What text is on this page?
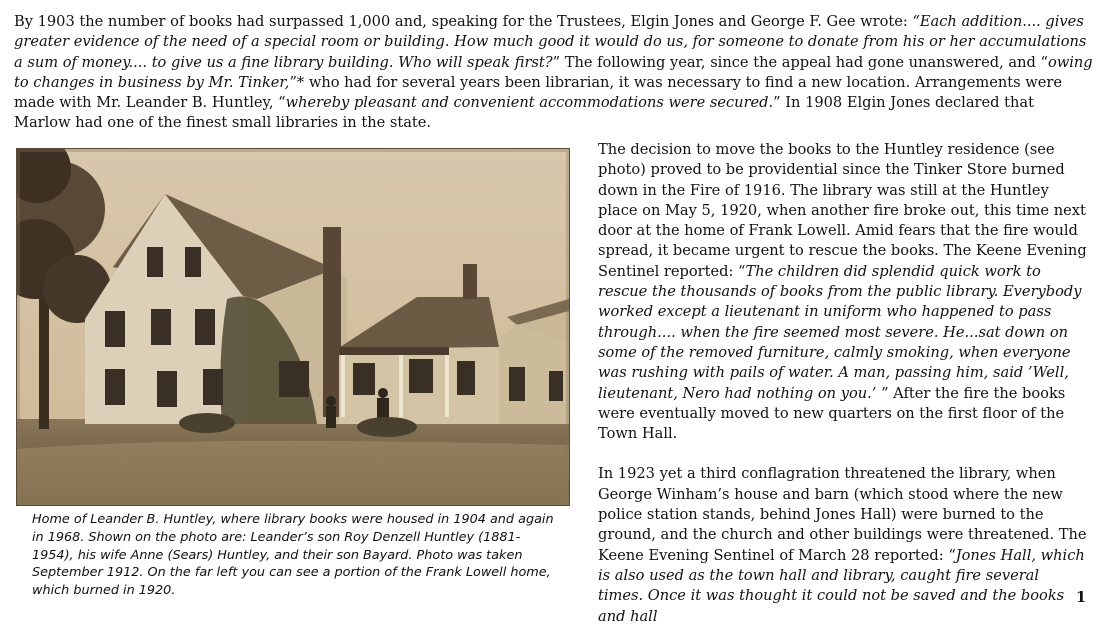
By 1903 the number of books had surpassed 1,000 and, speaking for the Trustees, Elgin Jones and George F. Gee wrote: “Each addition.... gives greater evidence of the need of a special room or building. How much good it would do us, for someone to donate from his or her accumulations a sum of money.... to give us a fine library building. Who will speak first?” The following year, since the appeal had gone unanswered, and “owing to changes in business by Mr. Tinker,”* who had for several years been librarian, it was necessary to find a new location. Arrangements were made with Mr. Leander B. Huntley, “whereby pleasant and convenient accommodations were secured.” In 1908 Elgin Jones declared that Marlow had one of the finest small libraries in the state.

Home of Leander B. Huntley, where library books were housed in 1904 and again in 1968. Shown on the photo are: Leander’s son Roy Denzell Huntley (1881-1954), his wife Anne (Sears) Huntley, and their son Bayard. Photo was taken September 1912. On the far left you can see a portion of the Frank Lowell home, which burned in 1920.

The decision to move the books to the Huntley residence (see photo) proved to be providential since the Tinker Store burned down in the Fire of 1916. The library was still at the Huntley place on May 5, 1920, when another fire broke out, this time next door at the home of Frank Lowell. Amid fears that the fire would spread, it became urgent to rescue the books. The Keene Evening Sentinel reported: “The children did splendid quick work to rescue the thousands of books from the public library. Everybody worked except a lieutenant in uniform who happened to pass through.... when the fire seemed most severe. He...sat down on some of the removed furniture, calmly smoking, when everyone was rushing with pails of water. A man, passing him, said ’Well, lieutenant, Nero had nothing on you.’ ” After the fire the books were eventually moved to new quarters on the first floor of the Town Hall.

In 1923 yet a third conflagration threatened the library, when George Winham’s house and barn (which stood where the new police station stands, behind Jones Hall) were burned to the ground, and the church and other buildings were threatened. The Keene Evening Sentinel of March 28 reported: “Jones Hall, which is also used as the town hall and library, caught fire several times. Once it was thought it could not be saved and the books and hall

1
